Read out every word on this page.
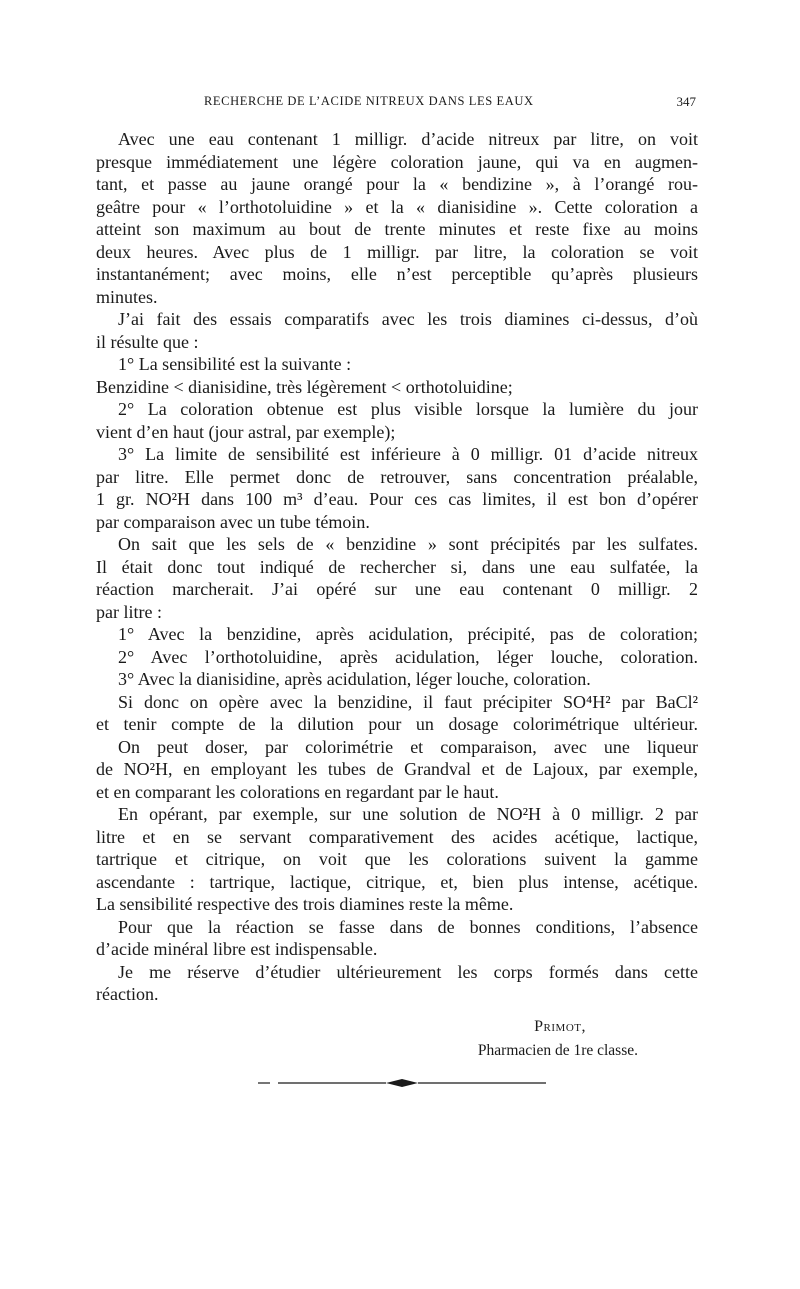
RECHERCHE DE L’ACIDE NITREUX DANS LES EAUX	347
Avec une eau contenant 1 milligr. d’acide nitreux par litre, on voit
presque immédiatement une légère coloration jaune, qui va en augmen-
tant, et passe au jaune orangé pour la « bendizine », à l’orangé rou-
geâtre pour « l’orthotoluidine » et la « dianisidine ». Cette coloration a
atteint son maximum au bout de trente minutes et reste fixe au moins
deux heures. Avec plus de 1 milligr. par litre, la coloration se voit
instantanément; avec moins, elle n’est perceptible qu’après plusieurs
minutes.
J’ai fait des essais comparatifs avec les trois diamines ci-dessus, d’où
il résulte que :
1° La sensibilité est la suivante :
Benzidine < dianisidine, très légèrement < orthotoluidine;
2° La coloration obtenue est plus visible lorsque la lumière du jour
vient d’en haut (jour astral, par exemple);
3° La limite de sensibilité est inférieure à 0 milligr. 01 d’acide nitreux
par litre. Elle permet donc de retrouver, sans concentration préalable,
1 gr. NO²H dans 100 m³ d’eau. Pour ces cas limites, il est bon d’opérer
par comparaison avec un tube témoin.
On sait que les sels de « benzidine » sont précipités par les sulfates.
Il était donc tout indiqué de rechercher si, dans une eau sulfatée, la
réaction marcherait. J’ai opéré sur une eau contenant 0 milligr. 2
par litre :
1° Avec la benzidine, après acidulation, précipité, pas de coloration;
2° Avec l’orthotoluidine, après acidulation, léger louche, coloration.
3° Avec la dianisidine, après acidulation, léger louche, coloration.
Si donc on opère avec la benzidine, il faut précipiter SO⁴H² par BaCl²
et tenir compte de la dilution pour un dosage colorimétrique ultérieur.
On peut doser, par colorimétrie et comparaison, avec une liqueur
de NO²H, en employant les tubes de Grandval et de Lajoux, par exemple,
et en comparant les colorations en regardant par le haut.
En opérant, par exemple, sur une solution de NO²H à 0 milligr. 2 par
litre et en se servant comparativement des acides acétique, lactique,
tartrique et citrique, on voit que les colorations suivent la gamme
ascendante : tartrique, lactique, citrique, et, bien plus intense, acétique.
La sensibilité respective des trois diamines reste la même.
Pour que la réaction se fasse dans de bonnes conditions, l’absence
d’acide minéral libre est indispensable.
Je me réserve d’étudier ultérieurement les corps formés dans cette
réaction.
Primot,
Pharmacien de 1re classe.
